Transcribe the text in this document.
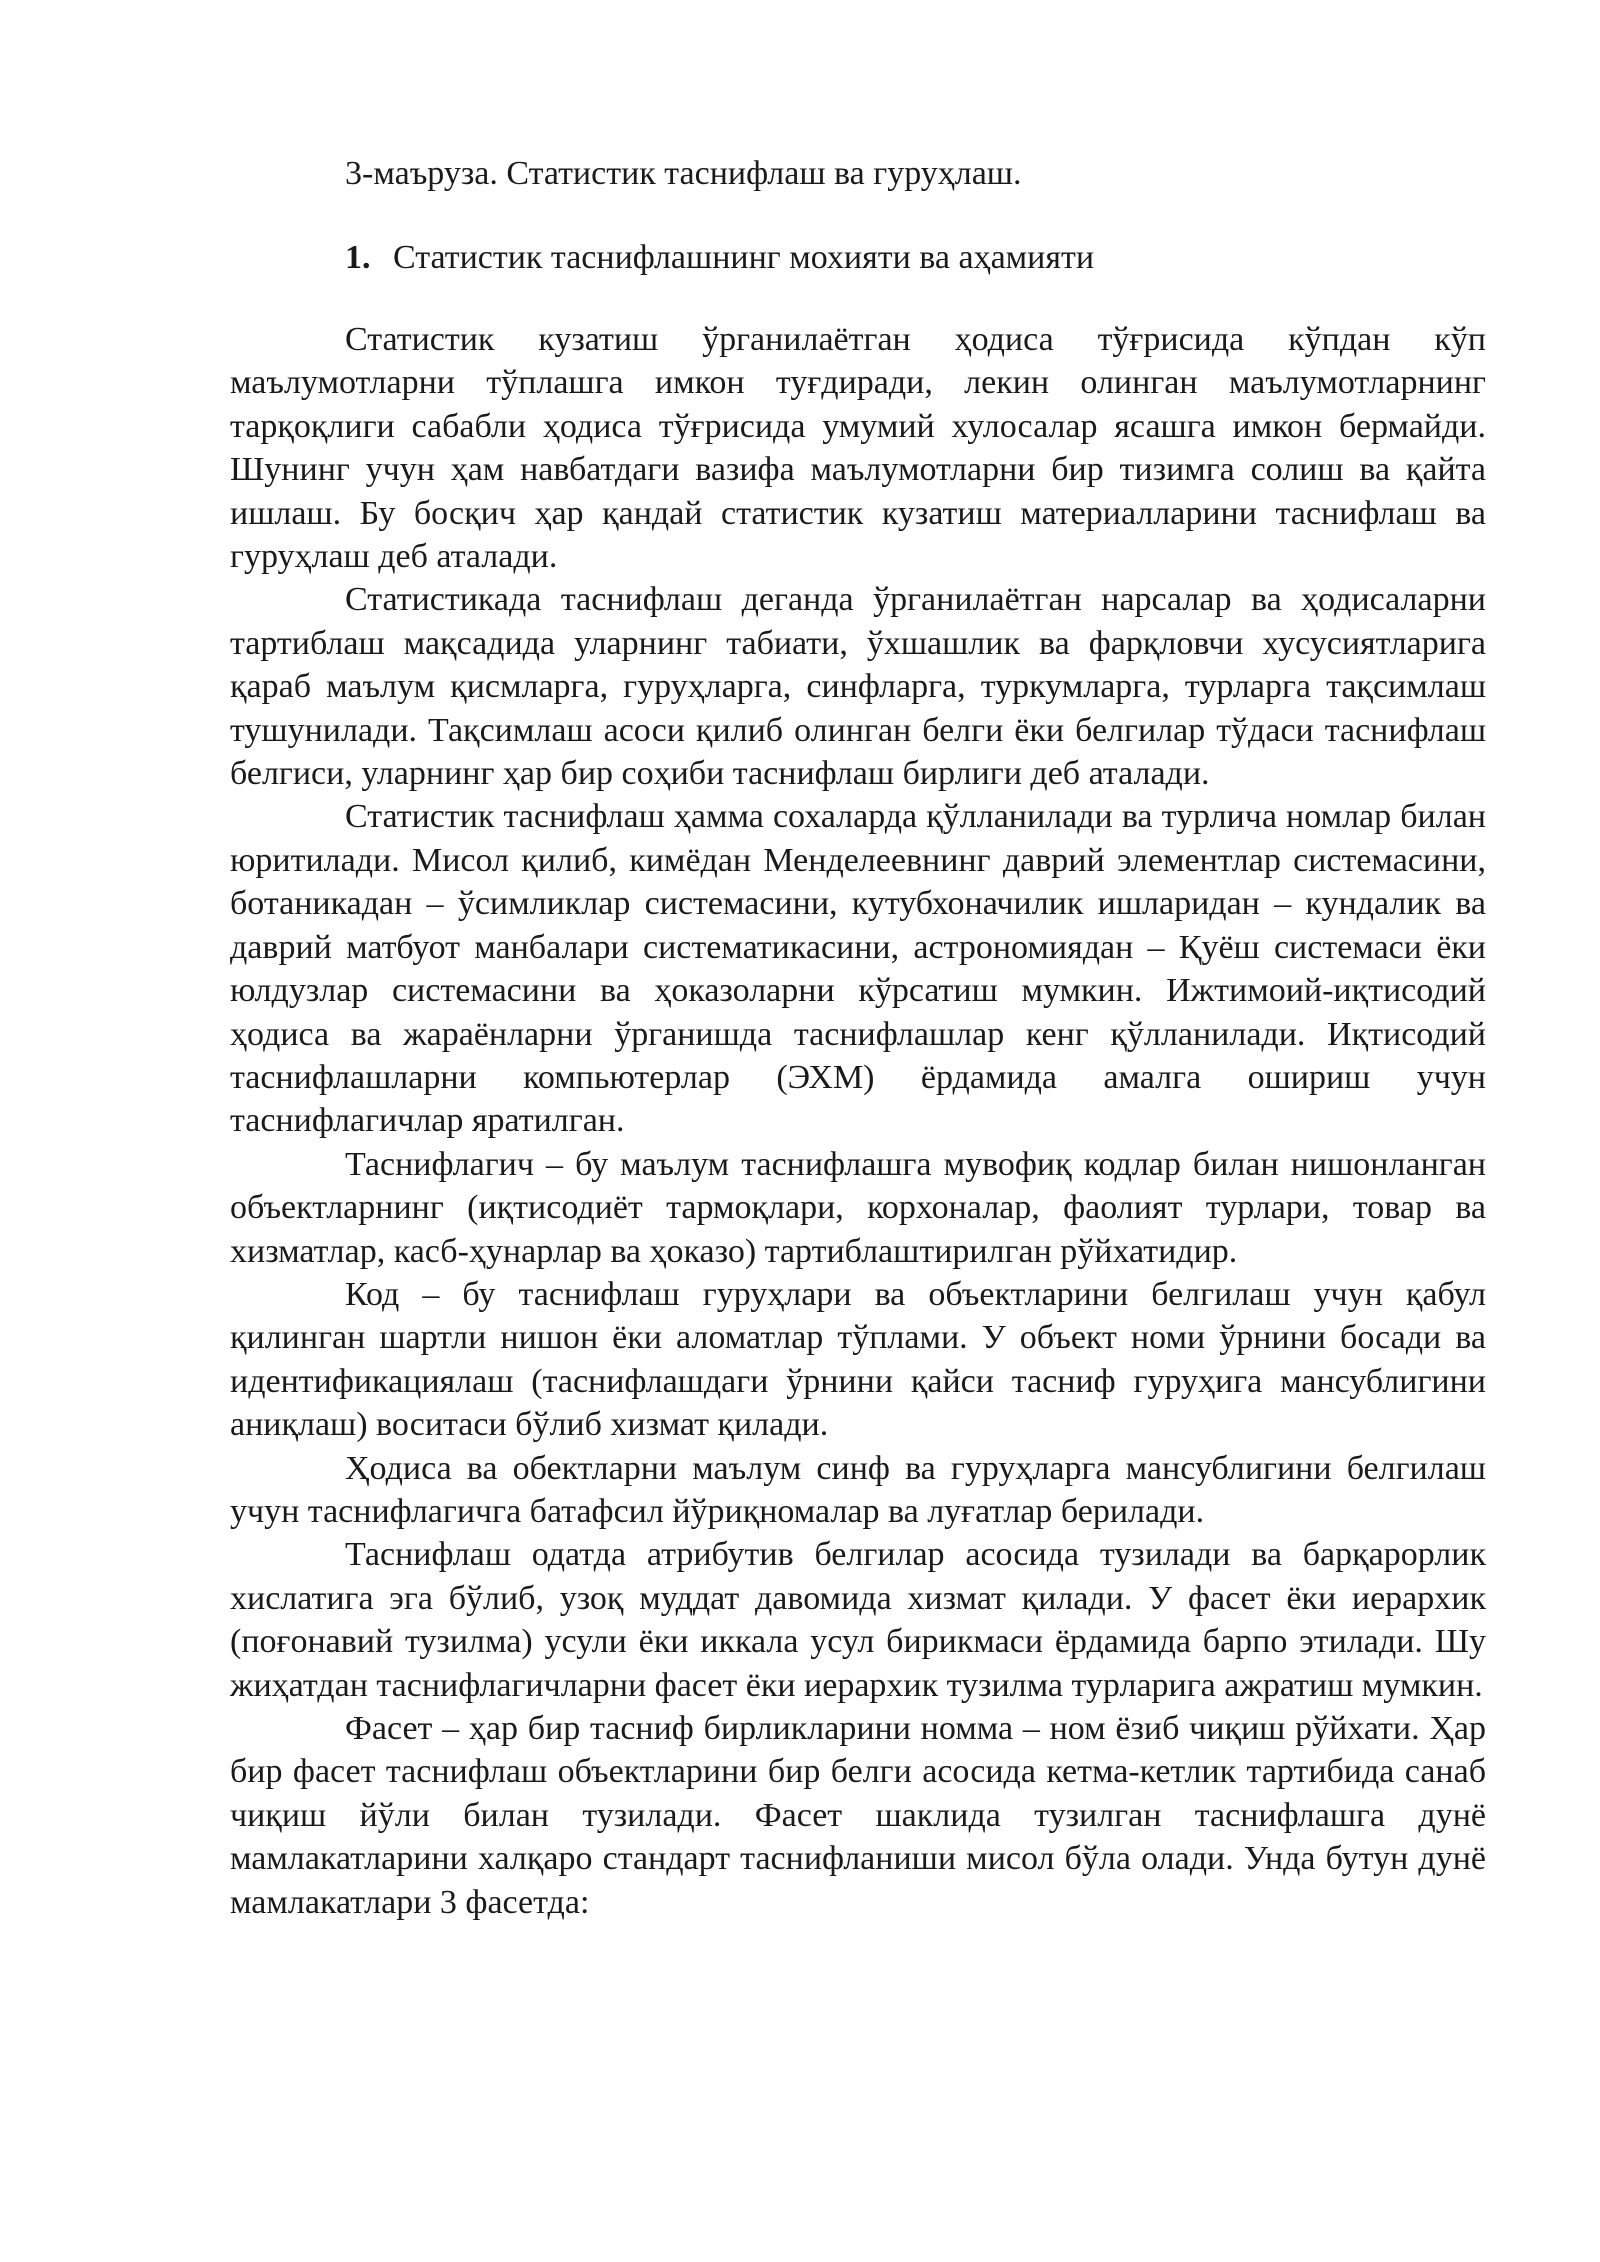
3-маъруза. Статистик таснифлаш ва гуруҳлаш.
1. Статистик таснифлашнинг мохияти ва аҳамияти

Статистик кузатиш ўрганилаётган ҳодиса тўғрисида кўпдан кўп маълумотларни тўплашга имкон туғдиради, лекин олинган маълумотларнинг тарқоқлиги сабабли ҳодиса тўғрисида умумий хулосалар ясашга имкон бермайди. Шунинг учун ҳам навбатдаги вазифа маълумотларни бир тизимга солиш ва қайта ишлаш. Бу босқич ҳар қандай статистик кузатиш материалларини таснифлаш ва гуруҳлаш деб аталади.

Статистикада таснифлаш деганда ўрганилаётган нарсалар ва ҳодисаларни тартиблаш мақсадида уларнинг табиати, ўхшашлик ва фарқловчи хусусиятларига қараб маълум қисмларга, гуруҳларга, синфларга, туркумларга, турларга тақсимлаш тушунилади. Тақсимлаш асоси қилиб олинган белги ёки белгилар тўдаси таснифлаш белгиси, уларнинг ҳар бир соҳиби таснифлаш бирлиги деб аталади.

Статистик таснифлаш ҳамма сохаларда қўлланилади ва турлича номлар билан юритилади. Мисол қилиб, кимёдан Менделеевнинг даврий элементлар системасини, ботаникадан – ўсимликлар системасини, кутубхоначилик ишларидан – кундалик ва даврий матбуот манбалари систематикасини, астрономиядан – Қуёш системаси ёки юлдузлар системасини ва ҳоказоларни кўрсатиш мумкин. Ижтимоий-иқтисодий ҳодиса ва жараёнларни ўрганишда таснифлашлар кенг қўлланилади. Иқтисодий таснифлашларни компьютерлар (ЭХМ) ёрдамида амалга ошириш учун таснифлагичлар яратилган.

Таснифлагич – бу маълум таснифлашга мувофиқ кодлар билан нишонланган объектларнинг (иқтисодиёт тармоқлари, корхоналар, фаолият турлари, товар ва хизматлар, касб-ҳунарлар ва ҳоказо) тартиблаштирилган рўйхатидир.

Код – бу таснифлаш гуруҳлари ва объектларини белгилаш учун қабул қилинган шартли нишон ёки аломатлар тўплами. У объект номи ўрнини босади ва идентификациялаш (таснифлашдаги ўрнини қайси тасниф гуруҳига мансублигини аниқлаш) воситаси бўлиб хизмат қилади.

Ҳодиса ва обектларни маълум синф ва гуруҳларга мансублигини белгилаш учун таснифлагичга батафсил йўриқномалар ва луғатлар берилади.

Таснифлаш одатда атрибутив белгилар асосида тузилади ва барқарорлик хислатига эга бўлиб, узоқ муддат давомида хизмат қилади. У фасет ёки иерархик (поғонавий тузилма) усули ёки иккала усул бирикмаси ёрдамида барпо этилади. Шу жиҳатдан таснифлагичларни фасет ёки иерархик тузилма турларига ажратиш мумкин.

Фасет – ҳар бир тасниф бирликларини номма – ном ёзиб чиқиш рўйхати. Ҳар бир фасет таснифлаш объектларини бир белги асосида кетма-кетлик тартибида санаб чиқиш йўли билан тузилади. Фасет шаклида тузилган таснифлашга дунё мамлакатларини халқаро стандарт таснифланиши мисол бўла олади. Унда бутун дунё мамлакатлари 3 фасетда:
